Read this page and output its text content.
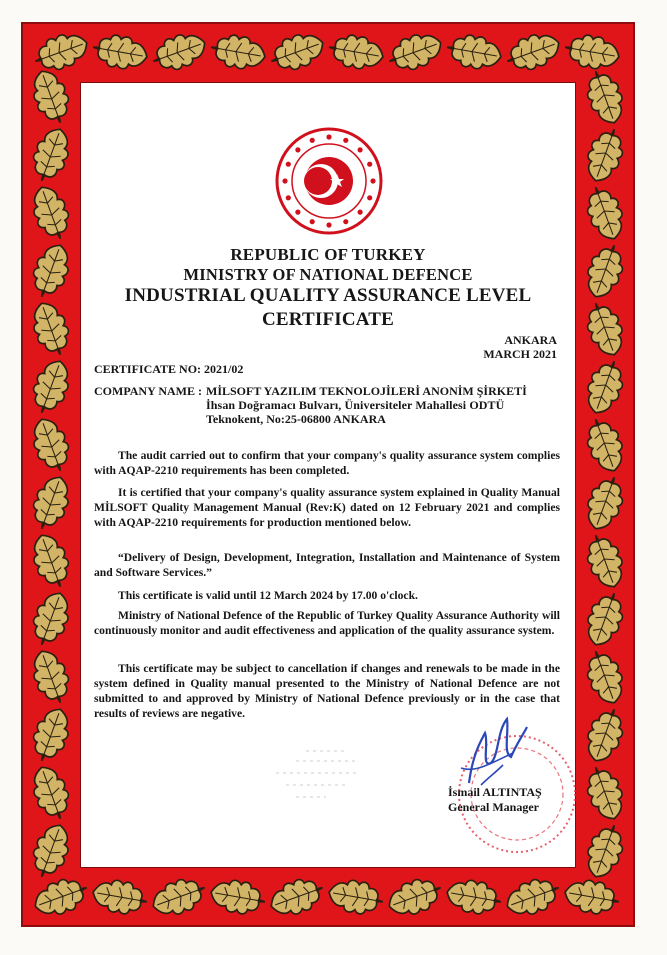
REPUBLIC OF TURKEY
MINISTRY OF NATIONAL DEFENCE
INDUSTRIAL QUALITY ASSURANCE LEVEL
CERTIFICATE
ANKARA
MARCH 2021
CERTIFICATE NO: 2021/02
COMPANY NAME : MİLSOFT YAZILIM TEKNOLOJİLERİ ANONİM ŞİRKETİ
İhsan Doğramacı Bulvarı, Üniversiteler Mahallesi ODTÜ
Teknokent, No:25-06800 ANKARA
The audit carried out to confirm that your company's quality assurance system complies with AQAP-2210 requirements has been completed.
It is certified that your company's quality assurance system explained in Quality Manual MİLSOFT Quality Management Manual (Rev:K) dated on 12 February 2021 and complies with AQAP-2210 requirements for production mentioned below.
“Delivery of Design, Development, Integration, Installation and Maintenance of System and Software Services.”
This certificate is valid until 12 March 2024 by 17.00 o'clock.
Ministry of National Defence of the Republic of Turkey Quality Assurance Authority will continuously monitor and audit effectiveness and application of the quality assurance system.
This certificate may be subject to cancellation if changes and renewals to be made in the system defined in Quality manual presented to the Ministry of National Defence are not submitted to and approved by Ministry of National Defence previously or in the case that results of reviews are negative.
İsmail ALTINTAŞ
General Manager
